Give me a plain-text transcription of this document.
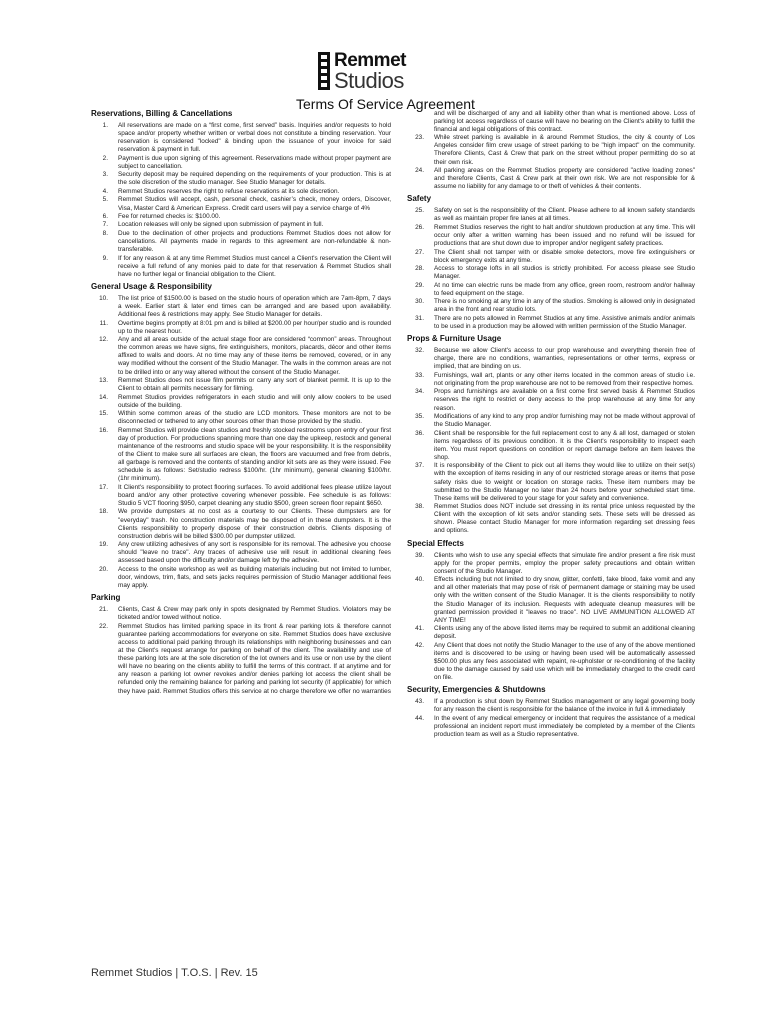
Remmet
Studios
Terms Of Service Agreement
Reservations, Billing & Cancellations
1.	All reservations are made on a “first come, first served” basis. Inquiries and/or requests to hold space and/or property whether written or verbal does not constitute a binding reservation. Your reservation is considered "locked" & binding upon the issuance of your invoice for said reservation & payment in full.
2.	Payment is due upon signing of this agreement. Reservations made without proper payment are subject to cancellation.
3.	Security deposit may be required depending on the requirements of your production. This is at the sole discretion of the studio manager. See Studio Manager for details.
4.	Remmet Studios reserves the right to refuse reservations at its sole discretion.
5.	Remmet Studios will accept, cash, personal check, cashier’s check, money orders, Discover, Visa, Master Card & American Express. Credit card users will pay a service charge of 4%
6.	Fee for returned checks is: $100.00.
7.	Location releases will only be signed upon submission of payment in full.
8.	Due to the declination of other projects and productions Remmet Studios does not allow for cancellations. All payments made in regards to this agreement are non-refundable & non-transferable.
9.	If for any reason & at any time Remmet Studios must cancel a Client's reservation the Client will receive a full refund of any monies paid to date for that reservation & Remmet Studios shall have no further legal or financial obligation to the Client.
General Usage & Responsibility
10.	The list price of $1500.00 is based on the studio hours of operation which are 7am-8pm, 7 days a week. Earlier start & later end times can be arranged and are based upon availability. Additional fees & restrictions may apply. See Studio Manager for details.
11.	Overtime begins promptly at 8:01 pm and is billed at $200.00 per hour/per studio and is rounded up to the nearest hour.
12.	Any and all areas outside of the actual stage floor are considered “common” areas. Throughout the common areas we have signs, fire extinguishers, monitors, placards, décor and other items affixed to walls and doors. At no time may any of these items be removed, covered, or in any way modified without the consent of the Studio Manager. The walls in the common areas are not to be drilled into or any way altered without the consent of the Studio Manager.
13.	Remmet Studios does not issue film permits or carry any sort of blanket permit. It is up to the Client to obtain all permits necessary for filming.
14.	Remmet Studios provides refrigerators in each studio and will only allow coolers to be used outside of the building.
15.	Within some common areas of the studio are LCD monitors. These monitors are not to be disconnected or tethered to any other sources other than those provided by the studio.
16.	Remmet Studios will provide clean studios and freshly stocked restrooms upon entry of your first day of production. For productions spanning more than one day the upkeep, restock and general maintenance of the restrooms and studio space will be your responsibility. It is the responsibility of the Client to make sure all surfaces are clean, the floors are vacuumed and free from debris, all garbage is removed and the contents of standing and/or kit sets are as they were issued. Fee schedule is as follows: Set/studio redress $100/hr. (1hr minimum), general cleaning $100/hr. (1hr minimum).
17.	It Client's responsibility to protect flooring surfaces. To avoid additional fees please utilize layout board and/or any other protective covering whenever possible. Fee schedule is as follows: Studio 5 VCT flooring $950, carpet cleaning any studio $500, green screen floor repaint $650.
18.	We provide dumpsters at no cost as a courtesy to our Clients. These dumpsters are for "everyday" trash. No construction materials may be disposed of in these dumpsters. It is the Clients responsibility to properly dispose of their construction debris. Clients disposing of construction debris will be billed $300.00 per dumpster utilized.
19.	Any crew utilizing adhesives of any sort is responsible for its removal. The adhesive you choose should "leave no trace". Any traces of adhesive use will result in additional cleaning fees assessed based upon the difficulty and/or damage left by the adhesive.
20.	Access to the onsite workshop as well as building materials including but not limited to lumber, door, windows, trim, flats, and sets jacks requires permission of Studio Manager additional fees may apply.
Parking
21.	Clients, Cast & Crew may park only in spots designated by Remmet Studios. Violators may be ticketed and/or towed without notice.
22.	Remmet Studios has limited parking space in its front & rear parking lots & therefore cannot guarantee parking accommodations for everyone on site. Remmet Studios does have exclusive access to additional paid parking through its relationships with neighboring businesses and can at the Client's request arrange for parking on behalf of the client. The availability and use of these parking lots are at the sole discretion of the lot owners and its use or non use by the client will have no bearing on the clients ability to fulfill the terms of this contract. If at anytime and for any reason a parking lot owner revokes and/or denies parking lot access the client shall be refunded only the remaining balance for parking and parking lot security (if applicable) for which they have paid. Remmet Studios offers this service at no charge therefore we offer no warranties
and will be discharged of any and all liability other than what is mentioned above. Loss of parking lot access regardless of cause will have no bearing on the Client's ability to fulfill the financial and legal obligations of this contract.
23.	While street parking is available in & around Remmet Studios, the city & county of Los Angeles consider film crew usage of street parking to be "high impact" on the community. Therefore Clients, Cast & Crew that park on the street without proper permitting do so at their own risk.
24.	All parking areas on the Remmet Studios property are considered "active loading zones" and therefore Clients, Cast & Crew park at their own risk. We are not responsible for & assume no liability for any damage to or theft of vehicles & their contents.
Safety
25.	Safety on set is the responsibility of the Client. Please adhere to all known safety standards as well as maintain proper fire lanes at all times.
26.	Remmet Studios reserves the right to halt and/or shutdown production at any time. This will occur only after a written warning has been issued and no refund will be issued for productions that are shut down due to improper and/or negligent safety practices.
27.	The Client shall not tamper with or disable smoke detectors, move fire extinguishers or block emergency exits at any time.
28.	Access to storage lofts in all studios is strictly prohibited. For access please see Studio Manager.
29.	At no time can electric runs be made from any office, green room, restroom and/or hallway to feed equipment on the stage.
30.	There is no smoking at any time in any of the studios. Smoking is allowed only in designated area in the front and rear studio lots.
31.	There are no pets allowed in Remmet Studios at any time. Assistive animals and/or animals to be used in a production may be allowed with written permission of the Studio Manager.
Props & Furniture Usage
32.	Because we allow Client's access to our prop warehouse and everything therein free of charge, there are no conditions, warranties, representations or other terms, express or implied, that are binding on us.
33.	Furnishings, wall art, plants or any other items located in the common areas of studio i.e. not originating from the prop warehouse are not to be removed from their respective homes.
34.	Props and furnishings are available on a first come first served basis & Remmet Studios reserves the right to restrict or deny access to the prop warehouse at any time for any reason.
35.	Modifications of any kind to any prop and/or furnishing may not be made without approval of the Studio Manager.
36.	Client shall be responsible for the full replacement cost to any & all lost, damaged or stolen items regardless of its previous condition. It is the Client's responsibility to inspect each item. You must report questions on condition or report damage before an item leaves the shop.
37.	It is responsibility of the Client to pick out all items they would like to utilize on their set(s) with the exception of items residing in any of our restricted storage areas or items that pose safety risks due to weight or location on storage racks. These item numbers may be submitted to the Studio Manager no later than 24 hours before your scheduled start time. These items will be delivered to your stage for your safety and convenience.
38.	Remmet Studios does NOT include set dressing in its rental price unless requested by the Client with the exception of kit sets and/or standing sets. These sets will be dressed as shown. Please contact Studio Manager for more information regarding set dressing fees and options.
Special Effects
39.	Clients who wish to use any special effects that simulate fire and/or present a fire risk must apply for the proper permits, employ the proper safety precautions and obtain written consent of the Studio Manager.
40.	Effects including but not limited to dry snow, glitter, confetti, fake blood, fake vomit and any and all other materials that may pose of risk of permanent damage or staining may be used only with the written consent of the Studio Manager. It is the clients responsibility to notify the Studio Manager of its inclusion. Requests with adequate cleanup measures will be granted permission provided it "leaves no trace". NO LIVE AMMUNITION ALLOWED AT ANY TIME!
41.	Clients using any of the above listed items may be required to submit an additional cleaning deposit.
42.	Any Client that does not notify the Studio Manager to the use of any of the above mentioned items and is discovered to be using or having been used will be automatically assessed $500.00 plus any fees associated with repaint, re-upholster or re-conditioning of the facility due to the damage caused by said use which will be immediately charged to the credit card on file.
Security, Emergencies & Shutdowns
43.	If a production is shut down by Remmet Studios management or any legal governing body for any reason the client is responsible for the balance of the invoice in full & immediately
44.	In the event of any medical emergency or incident that requires the assistance of a medical professional an incident report must immediately be completed by a member of the Clients production team as well as a Studio representative.
Remmet Studios | T.O.S. | Rev. 15
